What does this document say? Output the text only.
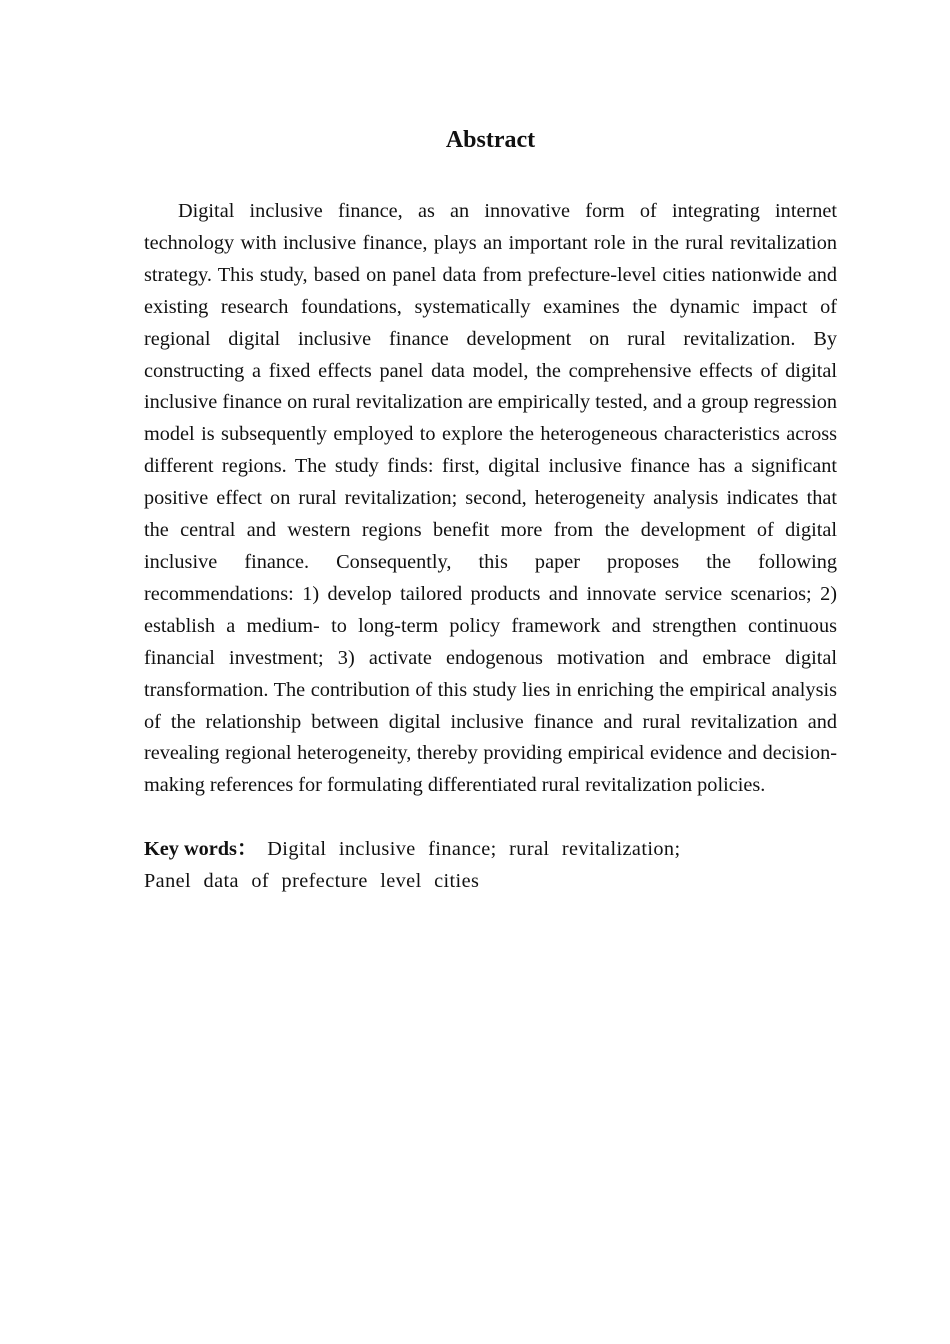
Abstract

Digital inclusive finance, as an innovative form of integrating internet technology with inclusive finance, plays an important role in the rural revitalization strategy. This study, based on panel data from prefecture-level cities nationwide and existing research foundations, systematically examines the dynamic impact of regional digital inclusive finance development on rural revitalization. By constructing a fixed effects panel data model, the comprehensive effects of digital inclusive finance on rural revitalization are empirically tested, and a group regression model is subsequently employed to explore the heterogeneous characteristics across different regions. The study finds: first, digital inclusive finance has a significant positive effect on rural revitalization; second, heterogeneity analysis indicates that the central and western regions benefit more from the development of digital inclusive finance. Consequently, this paper proposes the following recommendations: 1) develop tailored products and innovate service scenarios; 2) establish a medium- to long-term policy framework and strengthen continuous financial investment; 3) activate endogenous motivation and embrace digital transformation. The contribution of this study lies in enriching the empirical analysis of the relationship between digital inclusive finance and rural revitalization and revealing regional heterogeneity, thereby providing empirical evidence and decision-making references for formulating differentiated rural revitalization policies.

Key words： Digital inclusive finance; rural revitalization;
Panel data of prefecture level cities
